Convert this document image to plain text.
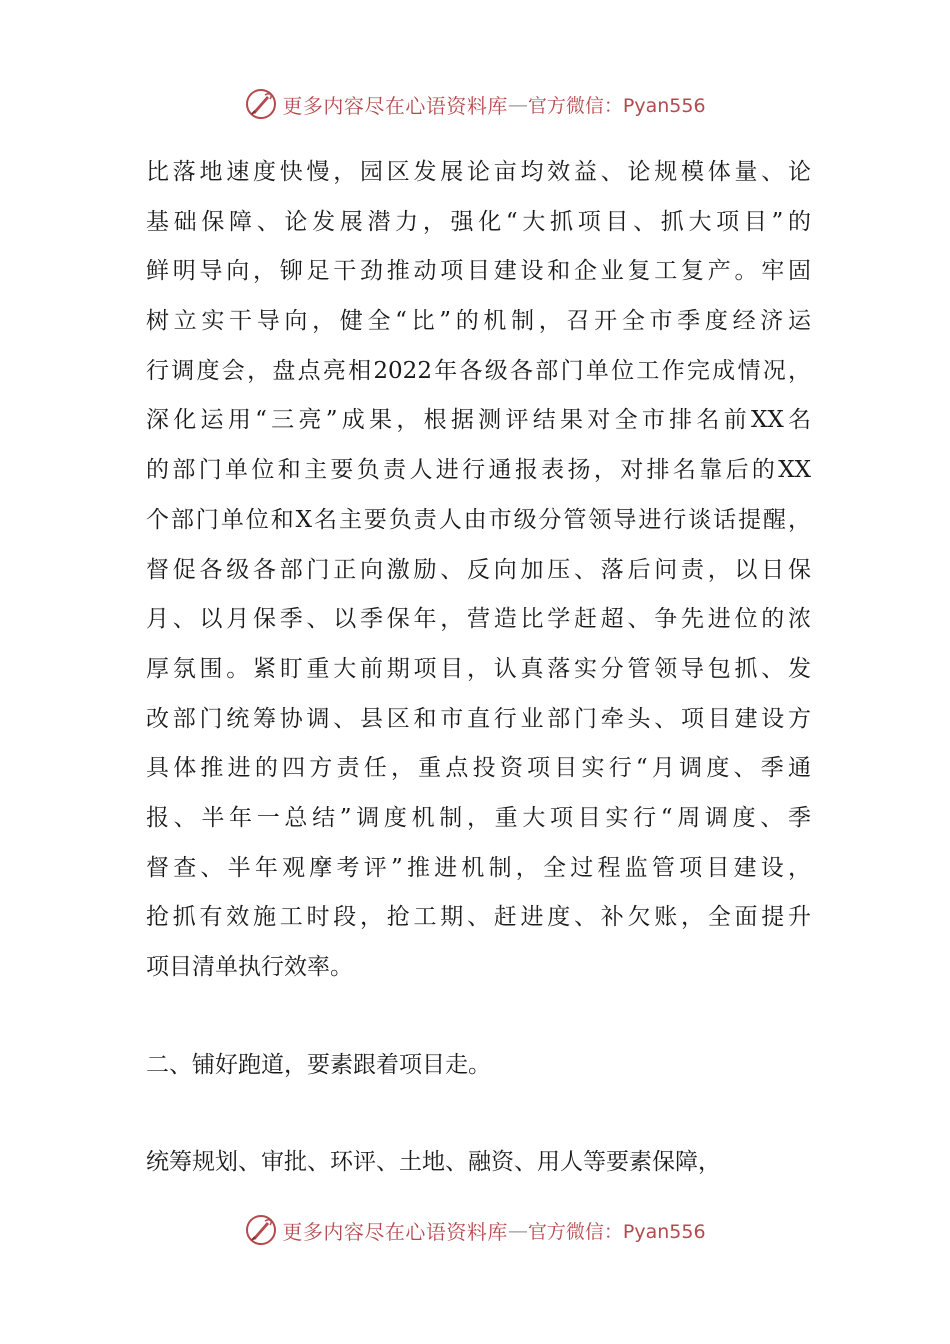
更多内容尽在心语资料库 — 官方微信：Pyan556
比落地速度快慢，园区发展论亩均效益、论规模体量、论
基础保障、论发展潜力，强化“大抓项目、抓大项目”的
鲜明导向，铆足干劲推动项目建设和企业复工复产。牢固
树立实干导向，健全“比”的机制，召开全市季度经济运
行调度会，盘点亮相2022年各级各部门单位工作完成情况，
深化运用“三亮”成果，根据测评结果对全市排名前XX名
的部门单位和主要负责人进行通报表扬，对排名靠后的XX
个部门单位和X名主要负责人由市级分管领导进行谈话提醒，
督促各级各部门正向激励、反向加压、落后问责，以日保
月、以月保季、以季保年，营造比学赶超、争先进位的浓
厚氛围。紧盯重大前期项目，认真落实分管领导包抓、发
改部门统筹协调、县区和市直行业部门牵头、项目建设方
具体推进的四方责任，重点投资项目实行“月调度、季通
报、半年一总结”调度机制，重大项目实行“周调度、季
督查、半年观摩考评”推进机制，全过程监管项目建设，
抢抓有效施工时段，抢工期、赶进度、补欠账，全面提升
项目清单执行效率。
二、铺好跑道，要素跟着项目走。
统筹规划、审批、环评、土地、融资、用人等要素保障，
更多内容尽在心语资料库 — 官方微信：Pyan556
